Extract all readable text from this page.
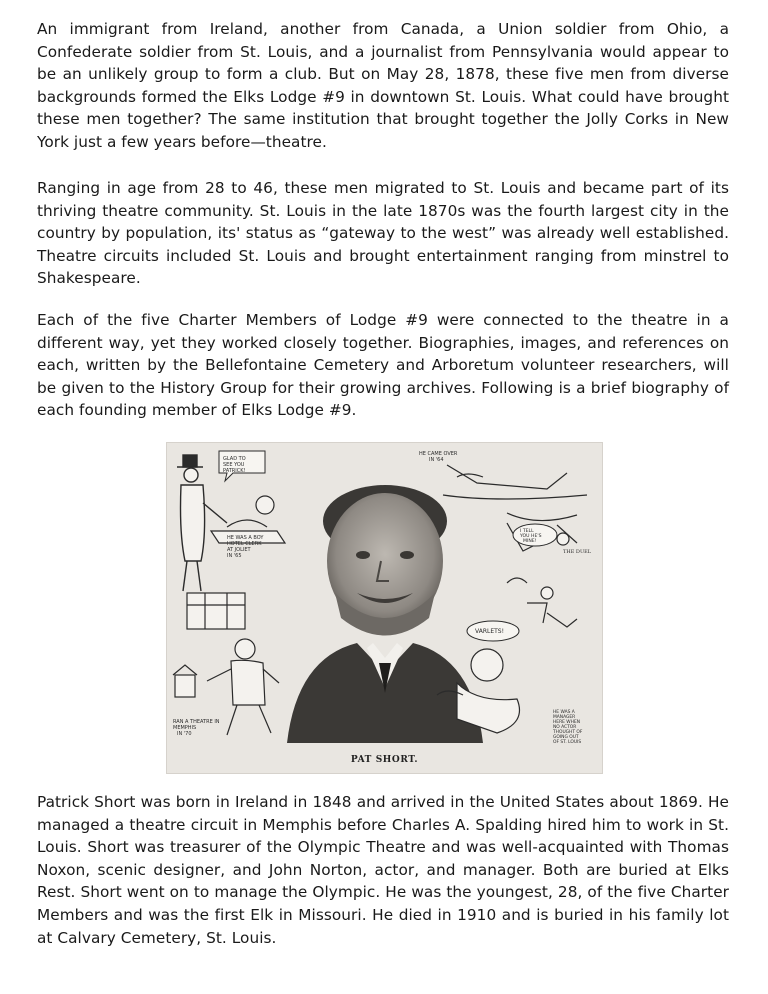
An immigrant from Ireland, another from Canada, a Union soldier from Ohio, a Confederate soldier from St. Louis, and a journalist from Pennsylvania would appear to be an unlikely group to form a club. But on May 28, 1878, these five men from diverse backgrounds formed the Elks Lodge #9 in downtown St. Louis. What could have brought these men together? The same institution that brought together the Jolly Corks in New York just a few years before—theatre.

Ranging in age from 28 to 46, these men migrated to St. Louis and became part of its thriving theatre community. St. Louis in the late 1870s was the fourth largest city in the country by population, its' status as “gateway to the west” was already well established. Theatre circuits included St. Louis and brought entertainment ranging from minstrel to Shakespeare.

Each of the five Charter Members of Lodge #9 were connected to the theatre in a different way, yet they worked closely together. Biographies, images, and references on each, written by the Bellefontaine Cemetery and Arboretum volunteer researchers, will be given to the History Group for their growing archives. Following is a brief biography of each founding member of Elks Lodge #9.

GLAD TO SEE YOU PATRICK!
HE WAS A BOY HOTEL CLERK AT JOLIET IN '65
HE CAME OVER IN '64
I TELL YOU HE'S MINE!
THE DUEL
VARLETS!
RAN A THEATRE IN MEMPHIS IN '70
HE WAS A MANAGER HERE WHEN NO ACTOR THOUGHT OF GOING OUT OF ST. LOUIS
PAT SHORT.

Patrick Short was born in Ireland in 1848 and arrived in the United States about 1869. He managed a theatre circuit in Memphis before Charles A. Spalding hired him to work in St. Louis. Short was treasurer of the Olympic Theatre and was well-acquainted with Thomas Noxon, scenic designer, and John Norton, actor, and manager. Both are buried at Elks Rest. Short went on to manage the Olympic. He was the youngest, 28, of the five Charter Members and was the first Elk in Missouri. He died in 1910 and is buried in his family lot at Calvary Cemetery, St. Louis.
